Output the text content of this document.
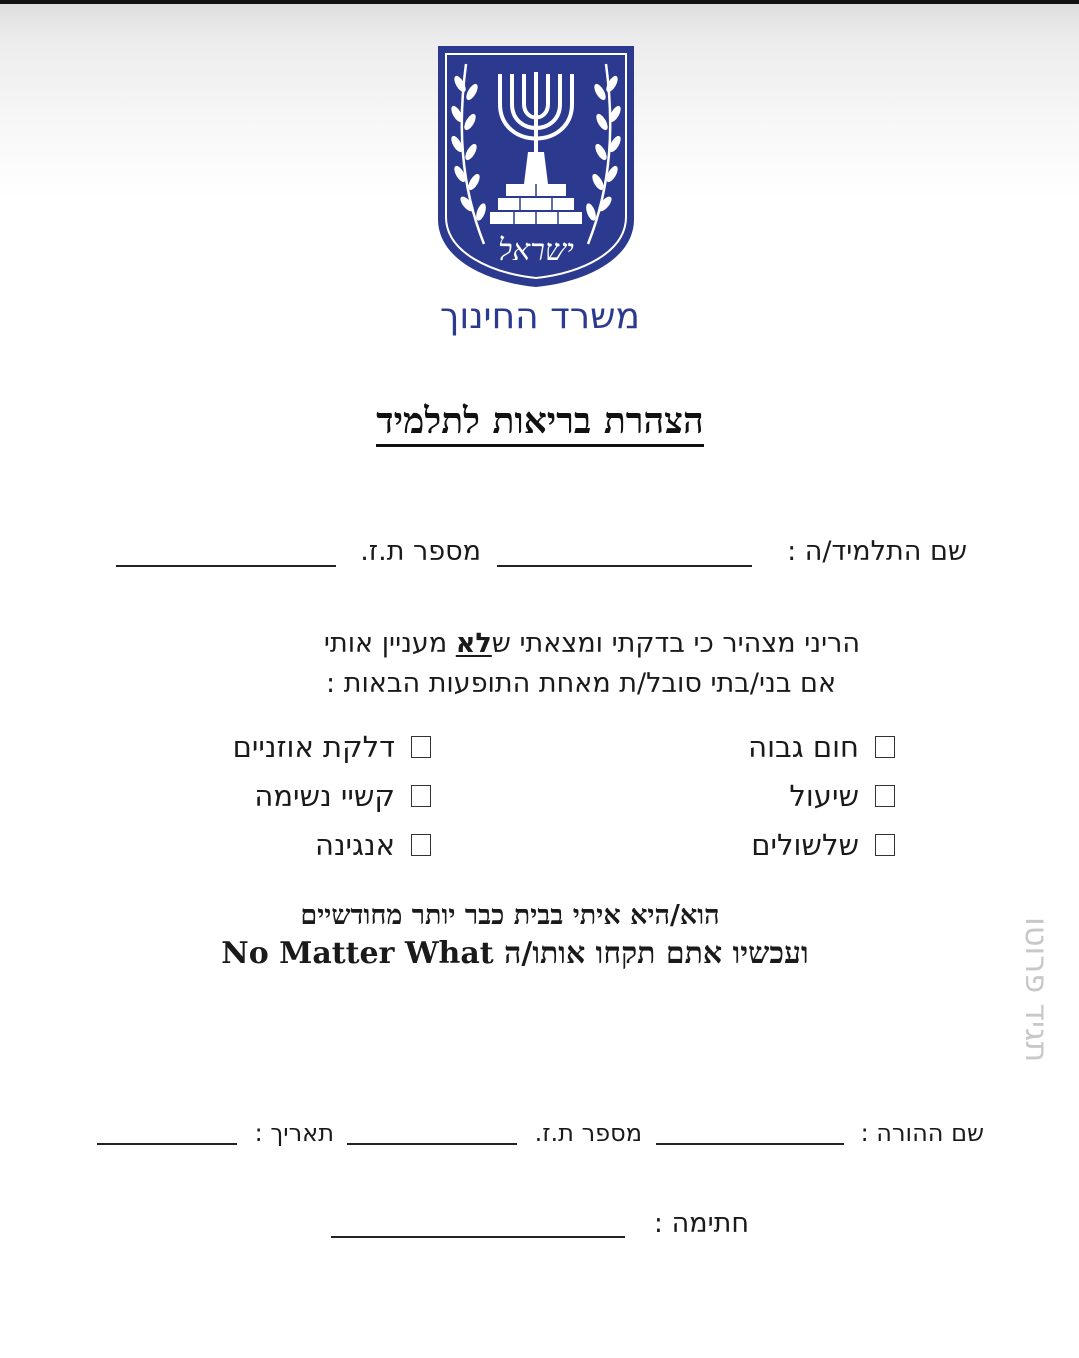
ישראל
משרד החינוך
הצהרת בריאות לתלמיד
שם התלמיד/ה :
מספר ת.ז.
הריני מצהיר כי בדקתי ומצאתי שלא מעניין אותי
אם בני/בתי סובל/ת מאחת התופעות הבאות :
חום גבוה
שיעול
שלשולים
דלקת אוזניים
קשיי נשימה
אנגינה
הוא/היא איתי בבית כבר יותר מחודשיים
ועכשיו אתם תקחו אותו/ה No Matter What	תגיד פרוטו
שם ההורה :
מספר ת.ז.
תאריך :
חתימה :
